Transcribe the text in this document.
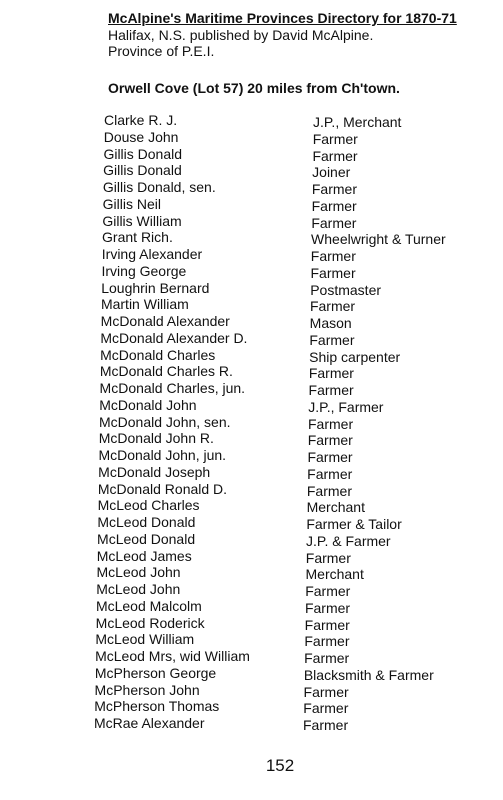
McAlpine's Maritime Provinces Directory for 1870-71
Halifax, N.S. published by David McAlpine.
Province of P.E.I.
Orwell Cove (Lot 57) 20 miles from Ch'town.
Clarke R. J.	J.P., Merchant
Douse John	Farmer
Gillis Donald	Farmer
Gillis Donald	Joiner
Gillis Donald, sen.	Farmer
Gillis Neil	Farmer
Gillis William	Farmer
Grant Rich.	Wheelwright & Turner
Irving Alexander	Farmer
Irving George	Farmer
Loughrin Bernard	Postmaster
Martin William	Farmer
McDonald Alexander	Mason
McDonald Alexander D.	Farmer
McDonald Charles	Ship carpenter
McDonald Charles R.	Farmer
McDonald Charles, jun.	Farmer
McDonald John	J.P., Farmer
McDonald John, sen.	Farmer
McDonald John R.	Farmer
McDonald John, jun.	Farmer
McDonald Joseph	Farmer
McDonald Ronald D.	Farmer
McLeod Charles	Merchant
McLeod Donald	Farmer & Tailor
McLeod Donald	J.P. & Farmer
McLeod James	Farmer
McLeod John	Merchant
McLeod John	Farmer
McLeod Malcolm	Farmer
McLeod Roderick	Farmer
McLeod William	Farmer
McLeod Mrs, wid William	Farmer
McPherson George	Blacksmith & Farmer
McPherson John	Farmer
McPherson Thomas	Farmer
McRae Alexander	Farmer
152
